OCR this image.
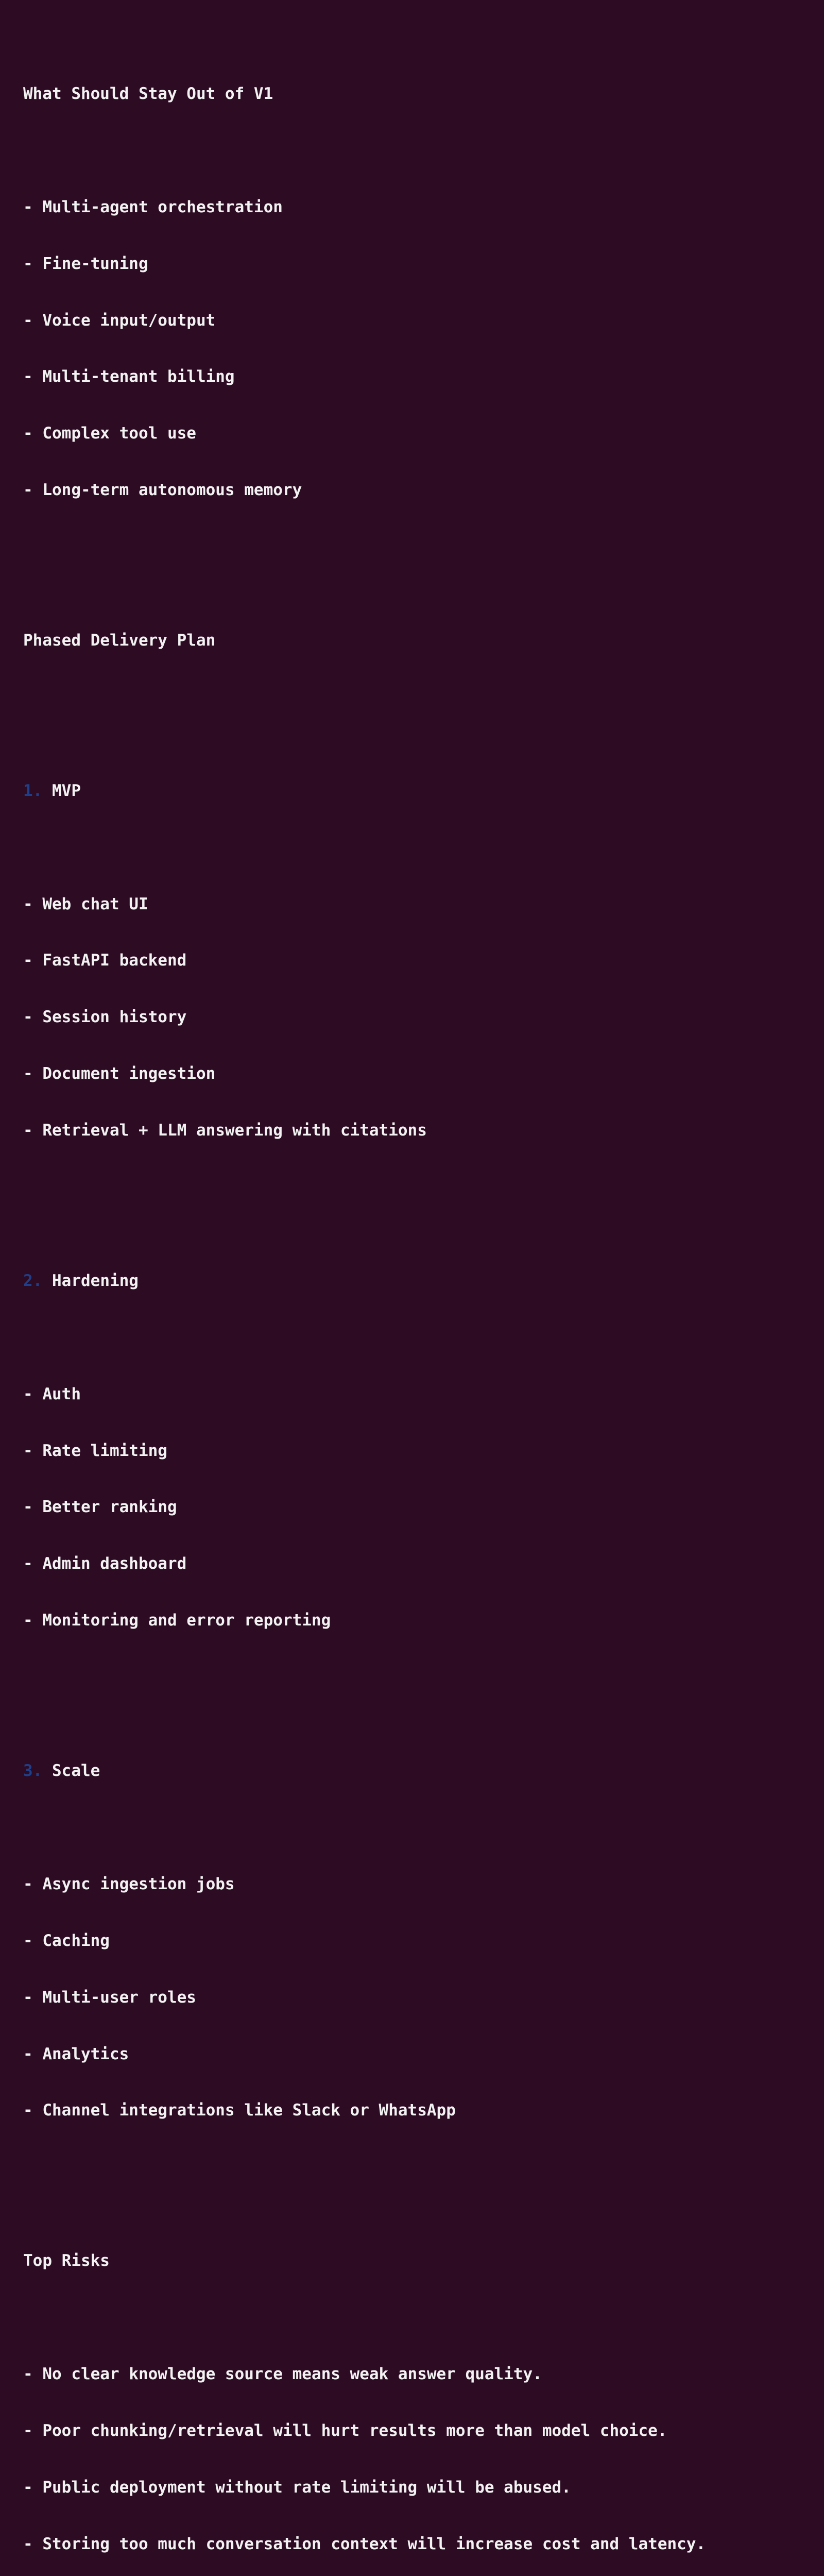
What Should Stay Out of V1

- Multi-agent orchestration

- Fine-tuning

- Voice input/output

- Multi-tenant billing

- Complex tool use

- Long-term autonomous memory

Phased Delivery Plan

1. MVP

- Web chat UI

- FastAPI backend

- Session history

- Document ingestion

- Retrieval + LLM answering with citations

2. Hardening

- Auth

- Rate limiting

- Better ranking

- Admin dashboard

- Monitoring and error reporting

3. Scale

- Async ingestion jobs

- Caching

- Multi-user roles

- Analytics

- Channel integrations like Slack or WhatsApp

Top Risks

- No clear knowledge source means weak answer quality.

- Poor chunking/retrieval will hurt results more than model choice.

- Public deployment without rate limiting will be abused.

- Storing too much conversation context will increase cost and latency.
